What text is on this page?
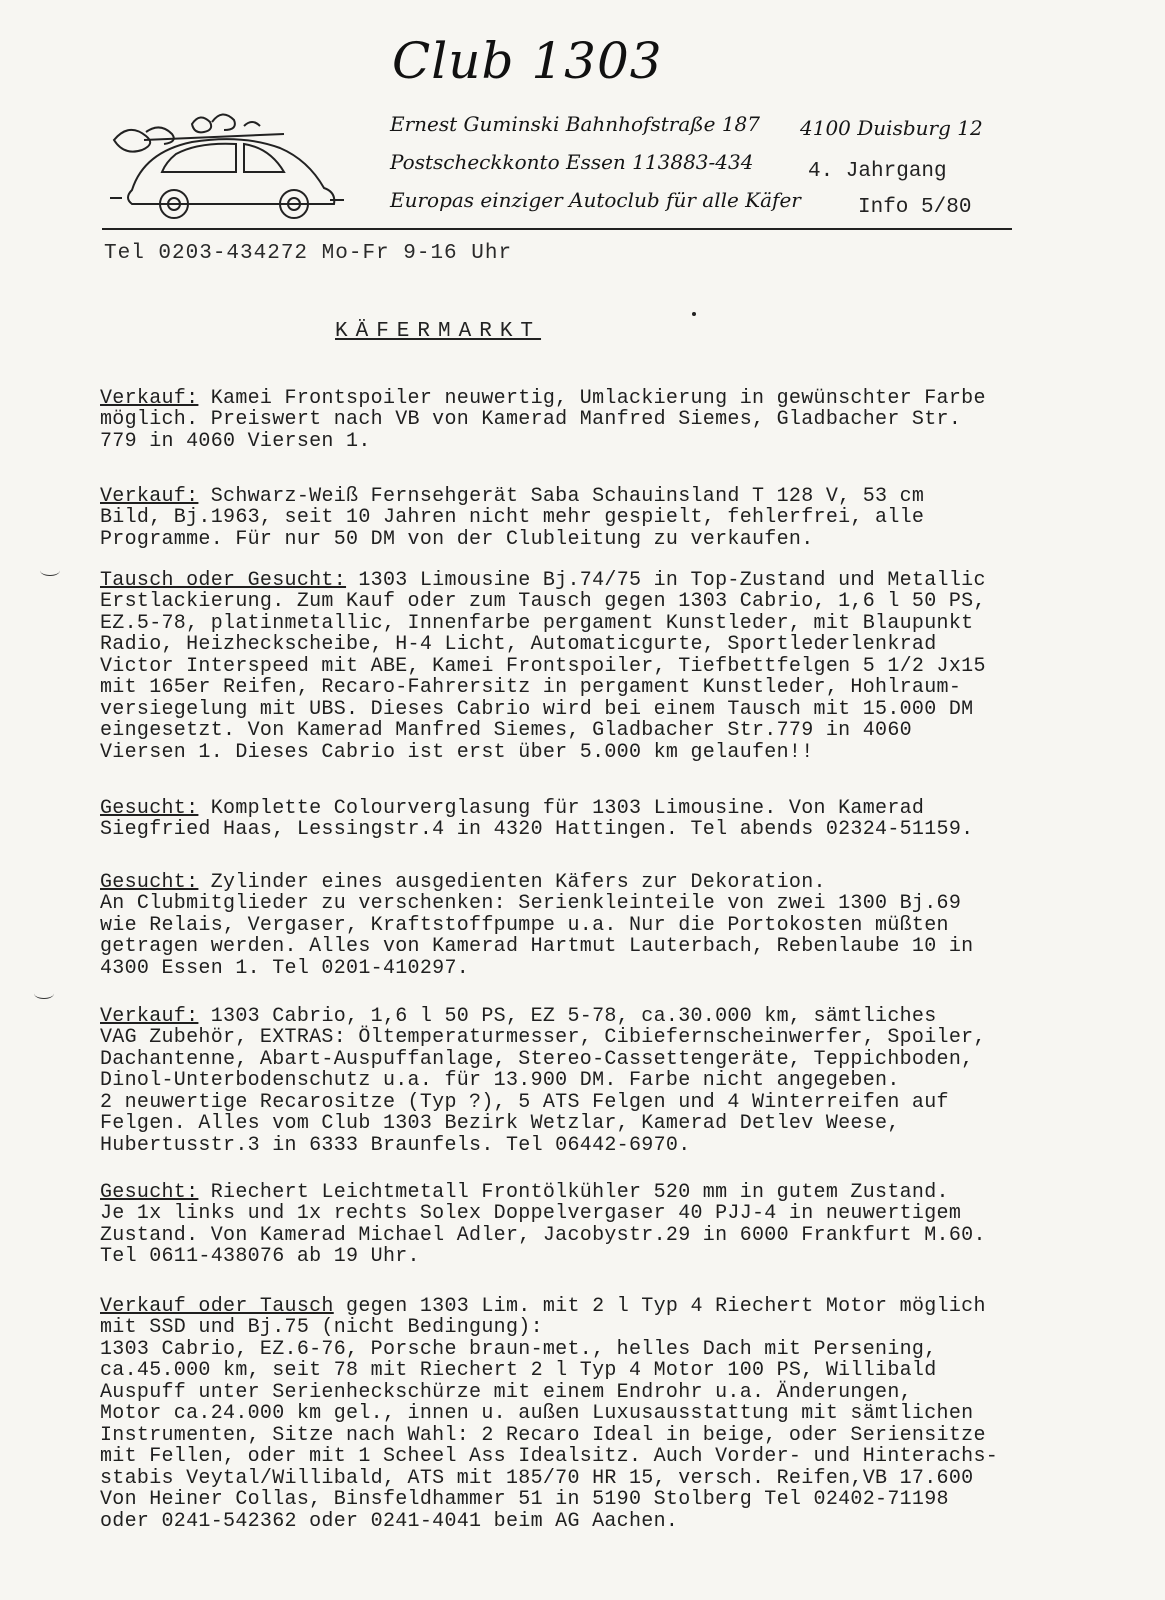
Club 1303
Ernest Guminski Bahnhofstraße 187 4100 Duisburg 12
Postscheckkonto Essen 113883-434	4. Jahrgang
Europas einziger Autoclub für alle Käfer	Info 5/80
Tel 0203-434272 Mo-Fr 9-16 Uhr
KÄFERMARKT

Verkauf: Kamei Frontspoiler neuwertig, Umlackierung in gewünschter Farbe
möglich. Preiswert nach VB von Kamerad Manfred Siemes, Gladbacher Str.
779 in 4060 Viersen 1.

Verkauf: Schwarz-Weiß Fernsehgerät Saba Schauinsland T 128 V, 53 cm
Bild, Bj.1963, seit 10 Jahren nicht mehr gespielt, fehlerfrei, alle
Programme. Für nur 50 DM von der Clubleitung zu verkaufen.

Tausch oder Gesucht: 1303 Limousine Bj.74/75 in Top-Zustand und Metallic
Erstlackierung. Zum Kauf oder zum Tausch gegen 1303 Cabrio, 1,6 l 50 PS,
EZ.5-78, platinmetallic, Innenfarbe pergament Kunstleder, mit Blaupunkt
Radio, Heizheckscheibe, H-4 Licht, Automaticgurte, Sportlederlenkrad
Victor Interspeed mit ABE, Kamei Frontspoiler, Tiefbettfelgen 5 1/2 Jx15
mit 165er Reifen, Recaro-Fahrersitz in pergament Kunstleder, Hohlraum-
versiegelung mit UBS. Dieses Cabrio wird bei einem Tausch mit 15.000 DM
eingesetzt. Von Kamerad Manfred Siemes, Gladbacher Str.779 in 4060
Viersen 1. Dieses Cabrio ist erst über 5.000 km gelaufen!!

Gesucht: Komplette Colourverglasung für 1303 Limousine. Von Kamerad
Siegfried Haas, Lessingstr.4 in 4320 Hattingen. Tel abends 02324-51159.

Gesucht: Zylinder eines ausgedienten Käfers zur Dekoration.
An Clubmitglieder zu verschenken: Serienkleinteile von zwei 1300 Bj.69
wie Relais, Vergaser, Kraftstoffpumpe u.a. Nur die Portokosten müßten
getragen werden. Alles von Kamerad Hartmut Lauterbach, Rebenlaube 10 in
4300 Essen 1. Tel 0201-410297.

Verkauf: 1303 Cabrio, 1,6 l 50 PS, EZ 5-78, ca.30.000 km, sämtliches
VAG Zubehör, EXTRAS: Öltemperaturmesser, Cibiefernscheinwerfer, Spoiler,
Dachantenne, Abart-Auspuffanlage, Stereo-Cassettengeräte, Teppichboden,
Dinol-Unterbodenschutz u.a. für 13.900 DM. Farbe nicht angegeben.
2 neuwertige Recarositze (Typ ?), 5 ATS Felgen und 4 Winterreifen auf
Felgen. Alles vom Club 1303 Bezirk Wetzlar, Kamerad Detlev Weese,
Hubertusstr.3 in 6333 Braunfels. Tel 06442-6970.

Gesucht: Riechert Leichtmetall Frontölkühler 520 mm in gutem Zustand.
Je 1x links und 1x rechts Solex Doppelvergaser 40 PJJ-4 in neuwertigem
Zustand. Von Kamerad Michael Adler, Jacobystr.29 in 6000 Frankfurt M.60.
Tel 0611-438076 ab 19 Uhr.

Verkauf oder Tausch gegen 1303 Lim. mit 2 l Typ 4 Riechert Motor möglich
mit SSD und Bj.75 (nicht Bedingung):
1303 Cabrio, EZ.6-76, Porsche braun-met., helles Dach mit Persening,
ca.45.000 km, seit 78 mit Riechert 2 l Typ 4 Motor 100 PS, Willibald
Auspuff unter Serienheckschürze mit einem Endrohr u.a. Änderungen,
Motor ca.24.000 km gel., innen u. außen Luxusausstattung mit sämtlichen
Instrumenten, Sitze nach Wahl: 2 Recaro Ideal in beige, oder Seriensitze
mit Fellen, oder mit 1 Scheel Ass Idealsitz. Auch Vorder- und Hinterachs-
stabis Veytal/Willibald, ATS mit 185/70 HR 15, versch. Reifen,VB 17.600
Von Heiner Collas, Binsfeldhammer 51 in 5190 Stolberg Tel 02402-71198
oder 0241-542362 oder 0241-4041 beim AG Aachen.
